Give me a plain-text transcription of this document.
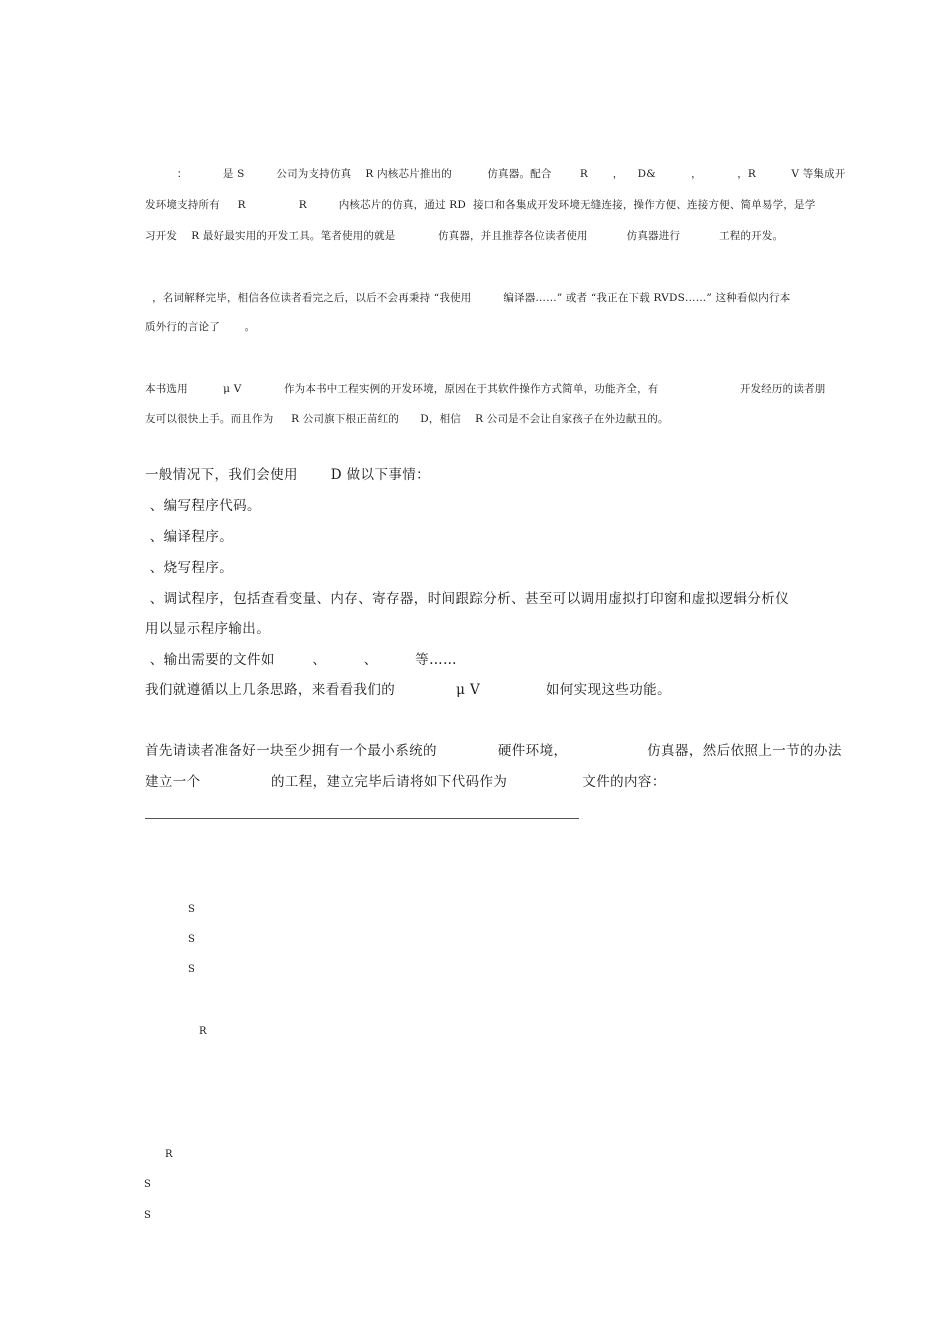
：          是 S         公司为支持仿真    R 内核芯片推出的          仿真器。配合        R       ，    D&          ，          ，R          V 等集成开
发环境支持所有     R               R         内核芯片的仿真，通过 RD  接口和各集成开发环境无缝连接，操作方便、连接方便、简单易学，是学
习开发    R 最好最实用的开发工具。笔者使用的就是            仿真器，并且推荐各位读者使用           仿真器进行           工程的开发。
，名词解释完毕，相信各位读者看完之后，以后不会再秉持 “我使用         编译器……” 或者 “我正在下载 RVDS……” 这种看似内行本
质外行的言论了       。
本书选用          μ V            作为本书中工程实例的开发环境，原因在于其软件操作方式简单，功能齐全，有                       开发经历的读者朋
友可以很快上手。而且作为     R 公司旗下根正苗红的      D，相信    R 公司是不会让自家孩子在外边献丑的。
一般情况下，我们会使用       D 做以下事情：
、编写程序代码。
、编译程序。
、烧写程序。
、调试程序，包括查看变量、内存、寄存器，时间跟踪分析、甚至可以调用虚拟打印窗和虚拟逻辑分析仪
用以显示程序输出。
、输出需要的文件如        、        、        等……
我们就遵循以上几条思路，来看看我们的             μ V              如何实现这些功能。
首先请读者准备好一块至少拥有一个最小系统的             硬件环境，                 仿真器，然后依照上一节的办法
建立一个               的工程，建立完毕后请将如下代码作为                文件的内容：
S
S
S
R
R
S
S
